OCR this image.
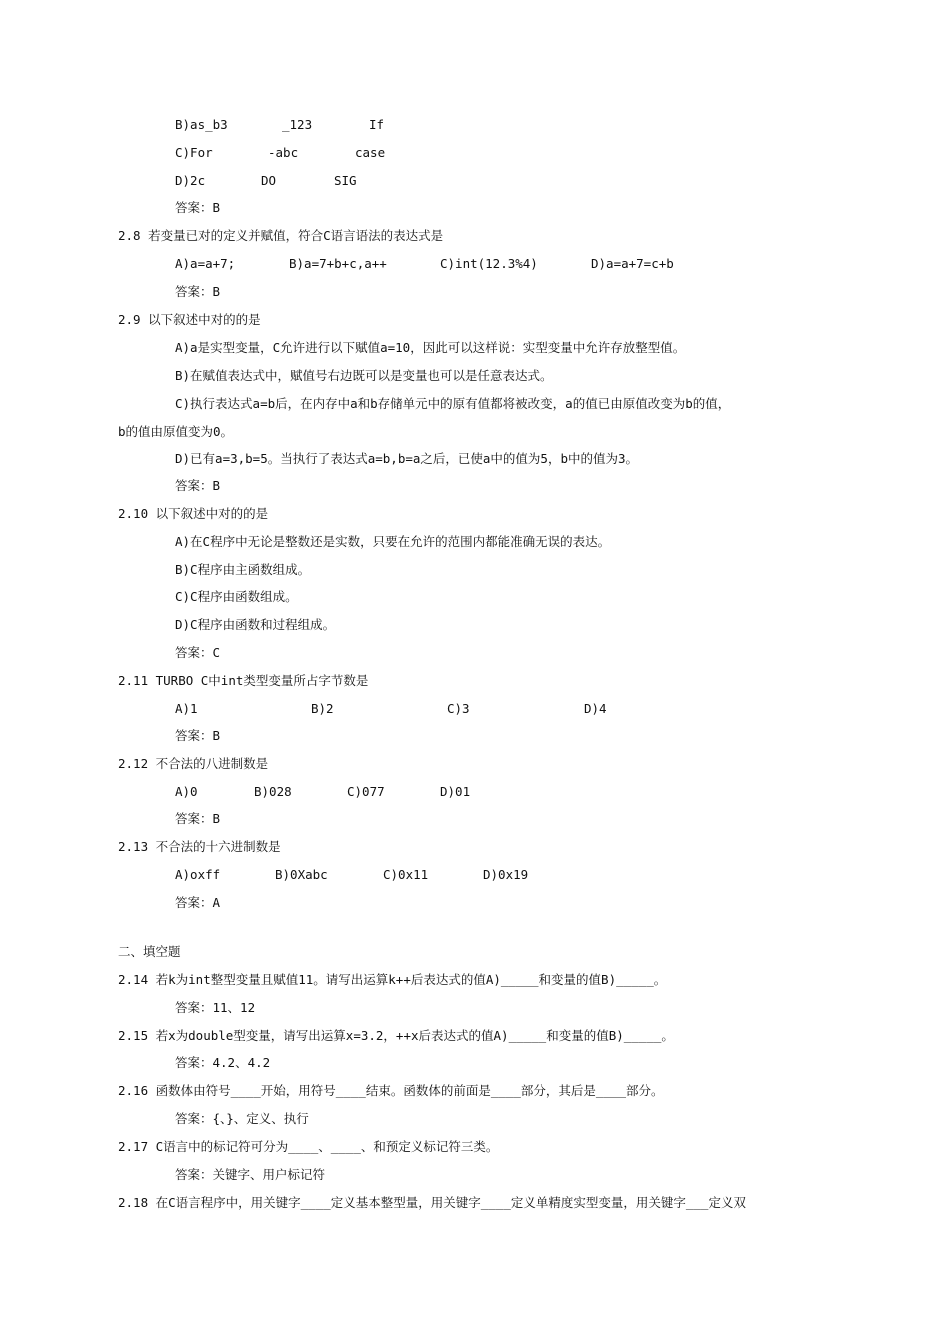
B)as_b3	_123	If
C)For	-abc	case
D)2c	DO	SIG
答案：B
2.8 若变量已对的定义并赋值，符合C语言语法的表达式是
A)a=a+7;	B)a=7+b+c,a++	C)int(12.3%4)	D)a=a+7=c+b
答案：B
2.9 以下叙述中对的的是
A)a是实型变量，C允许进行以下赋值a=10，因此可以这样说：实型变量中允许存放整型值。
B)在赋值表达式中，赋值号右边既可以是变量也可以是任意表达式。
C)执行表达式a=b后，在内存中a和b存储单元中的原有值都将被改变，a的值已由原值改变为b的值，
b的值由原值变为0。
D)已有a=3,b=5。当执行了表达式a=b,b=a之后，已使a中的值为5，b中的值为3。
答案：B
2.10 以下叙述中对的的是
A)在C程序中无论是整数还是实数，只要在允许的范围内都能准确无误的表达。
B)C程序由主函数组成。
C)C程序由函数组成。
D)C程序由函数和过程组成。
答案：C
2.11 TURBO C中int类型变量所占字节数是
A)1	B)2	C)3	D)4
答案：B
2.12 不合法的八进制数是
A)0	B)028	C)077	D)01
答案：B
2.13 不合法的十六进制数是
A)oxff	B)0Xabc	C)0x11	D)0x19
答案：A
二、填空题
2.14 若k为int整型变量且赋值11。请写出运算k++后表达式的值A)_____和变量的值B)_____。
答案：11、12
2.15 若x为double型变量，请写出运算x=3.2，++x后表达式的值A)_____和变量的值B)_____。
答案：4.2、4.2
2.16 函数体由符号____开始，用符号____结束。函数体的前面是____部分，其后是____部分。
答案：{、}、定义、执行
2.17 C语言中的标记符可分为____、____、和预定义标记符三类。
答案：关键字、用户标记符
2.18 在C语言程序中，用关键字____定义基本整型量，用关键字____定义单精度实型变量，用关键字___定义双
